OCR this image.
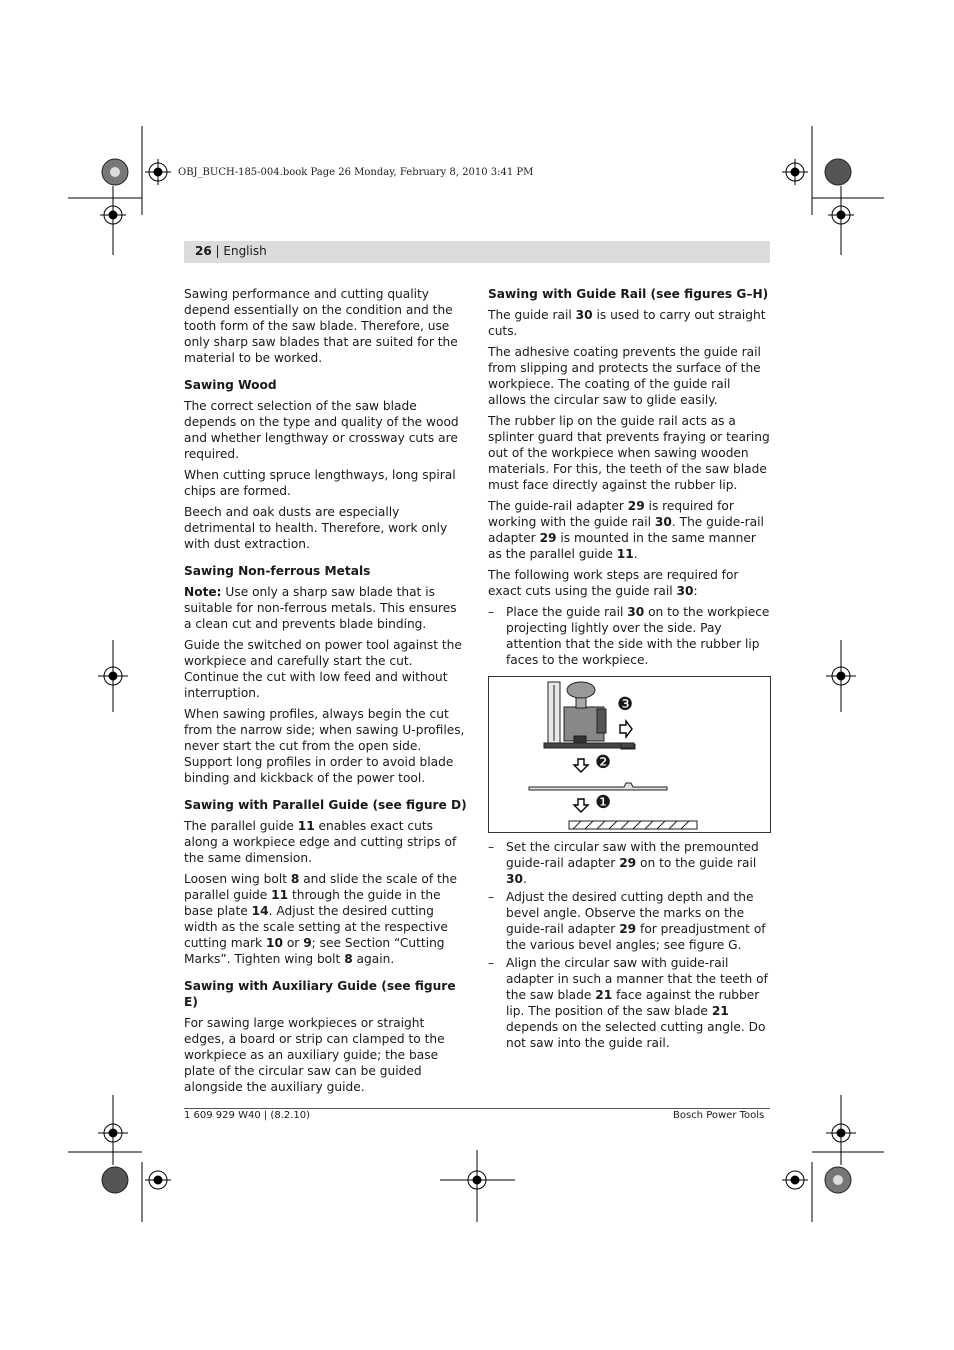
OBJ_BUCH-185-004.book Page 26 Monday, February 8, 2010 3:41 PM
26 | English

Sawing performance and cutting quality depend essentially on the condition and the tooth form of the saw blade. Therefore, use only sharp saw blades that are suited for the material to be worked.

Sawing Wood

The correct selection of the saw blade depends on the type and quality of the wood and whether lengthway or crossway cuts are required.

When cutting spruce lengthways, long spiral chips are formed.

Beech and oak dusts are especially detrimental to health. Therefore, work only with dust extraction.

Sawing Non-ferrous Metals

Note: Use only a sharp saw blade that is suitable for non-ferrous metals. This ensures a clean cut and prevents blade binding.

Guide the switched on power tool against the workpiece and carefully start the cut. Continue the cut with low feed and without interruption.

When sawing profiles, always begin the cut from the narrow side; when sawing U-profiles, never start the cut from the open side. Support long profiles in order to avoid blade binding and kickback of the power tool.

Sawing with Parallel Guide (see figure D)

The parallel guide 11 enables exact cuts along a workpiece edge and cutting strips of the same dimension.

Loosen wing bolt 8 and slide the scale of the parallel guide 11 through the guide in the base plate 14. Adjust the desired cutting width as the scale setting at the respective cutting mark 10 or 9; see Section “Cutting Marks”. Tighten wing bolt 8 again.

Sawing with Auxiliary Guide (see figure E)

For sawing large workpieces or straight edges, a board or strip can clamped to the workpiece as an auxiliary guide; the base plate of the circular saw can be guided alongside the auxiliary guide.

Sawing with Guide Rail (see figures G–H)

The guide rail 30 is used to carry out straight cuts.

The adhesive coating prevents the guide rail from slipping and protects the surface of the workpiece. The coating of the guide rail allows the circular saw to glide easily.

The rubber lip on the guide rail acts as a splinter guard that prevents fraying or tearing out of the workpiece when sawing wooden materials. For this, the teeth of the saw blade must face directly against the rubber lip.

The guide-rail adapter 29 is required for working with the guide rail 30. The guide-rail adapter 29 is mounted in the same manner as the parallel guide 11.

The following work steps are required for exact cuts using the guide rail 30:

– Place the guide rail 30 on to the workpiece projecting lightly over the side. Pay attention that the side with the rubber lip faces to the workpiece.
❸
❷
❶
– Set the circular saw with the premounted guide-rail adapter 29 on to the guide rail 30.
– Adjust the desired cutting depth and the bevel angle. Observe the marks on the guide-rail adapter 29 for preadjustment of the various bevel angles; see figure G.
– Align the circular saw with guide-rail adapter in such a manner that the teeth of the saw blade 21 face against the rubber lip. The position of the saw blade 21 depends on the selected cutting angle. Do not saw into the guide rail.
1 609 929 W40 | (8.2.10)	Bosch Power Tools
